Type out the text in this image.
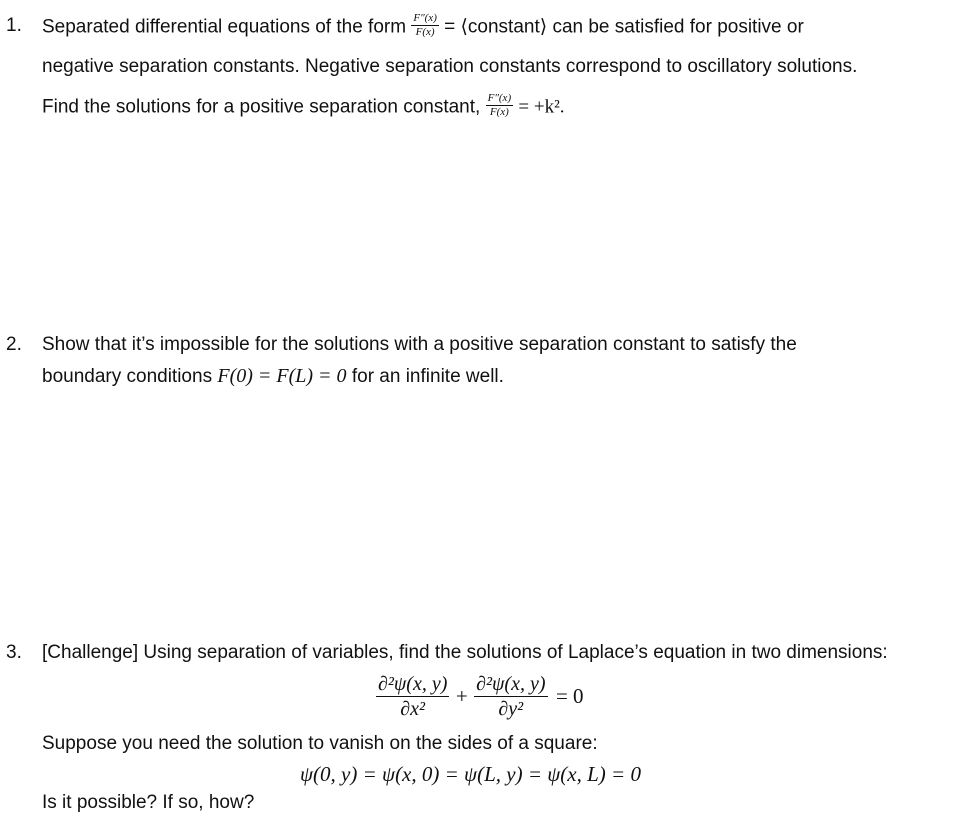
1. Separated differential equations of the form $\frac{F''(x)}{F(x)}$ = ⟨constant⟩ can be satisfied for positive or
negative separation constants. Negative separation constants correspond to oscillatory solutions.
Find the solutions for a positive separation constant, $\frac{F''(x)}{F(x)} = +k^2$.
2. Show that it’s impossible for the solutions with a positive separation constant to satisfy the
boundary conditions F(0) = F(L) = 0 for an infinite well.
3. [Challenge] Using separation of variables, find the solutions of Laplace’s equation in two dimensions:
$\frac{\text{∂²ψ(x, y)}}{\text{∂x²}} + \frac{\text{∂²ψ(x, y)}}{\text{∂y²}} = 0$
Suppose you need the solution to vanish on the sides of a square:
ψ(0, y) = ψ(x, 0) = ψ(L, y) = ψ(x, L) = 0
Is it possible? If so, how?
